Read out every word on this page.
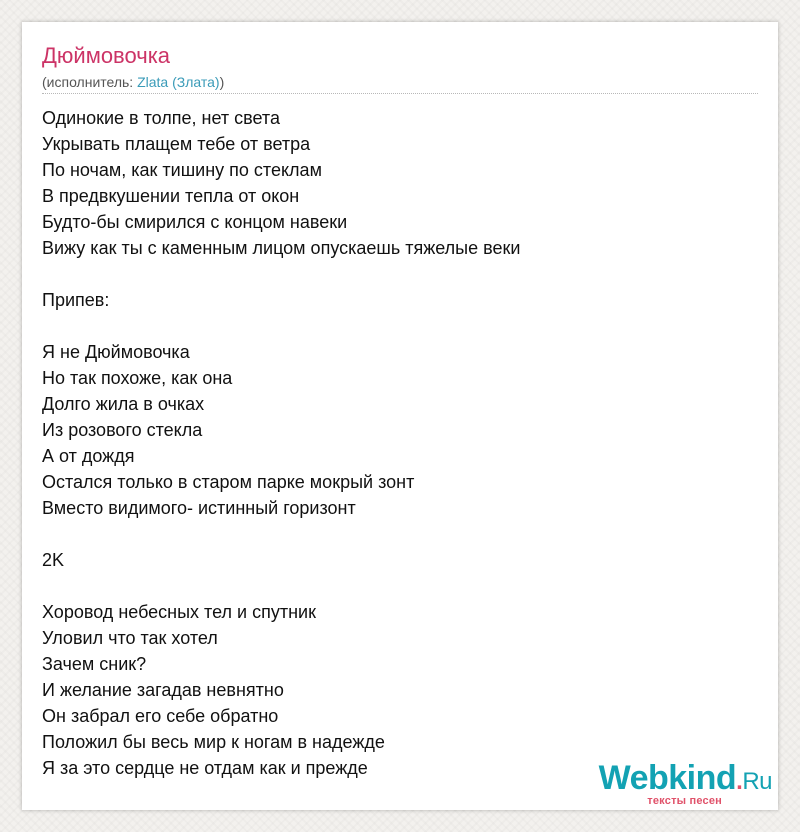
Дюймовочка
(исполнитель: Zlata (Злата))
Одинокие в толпе, нет света
Укрывать плащем тебе от ветра
По ночам, как тишину по стеклам
В предвкушении тепла от окон
Будто-бы смирился с концом навеки
Вижу как ты с каменным лицом опускаешь тяжелые веки
Припев:
Я не Дюймовочка
Но так похоже, как она
Долго жила в очках
Из розового стекла
А от дождя
Остался только в старом парке мокрый зонт
Вместо видимого- истинный горизонт
2K
Хоровод небесных тел и спутник
Уловил что так хотел
Зачем сник?
И желание загадав невнятно
Он забрал его себе обратно
Положил бы весь мир к ногам в надежде
Я за это сердце не отдам как и прежде	Webkind.Ru
тексты песен
